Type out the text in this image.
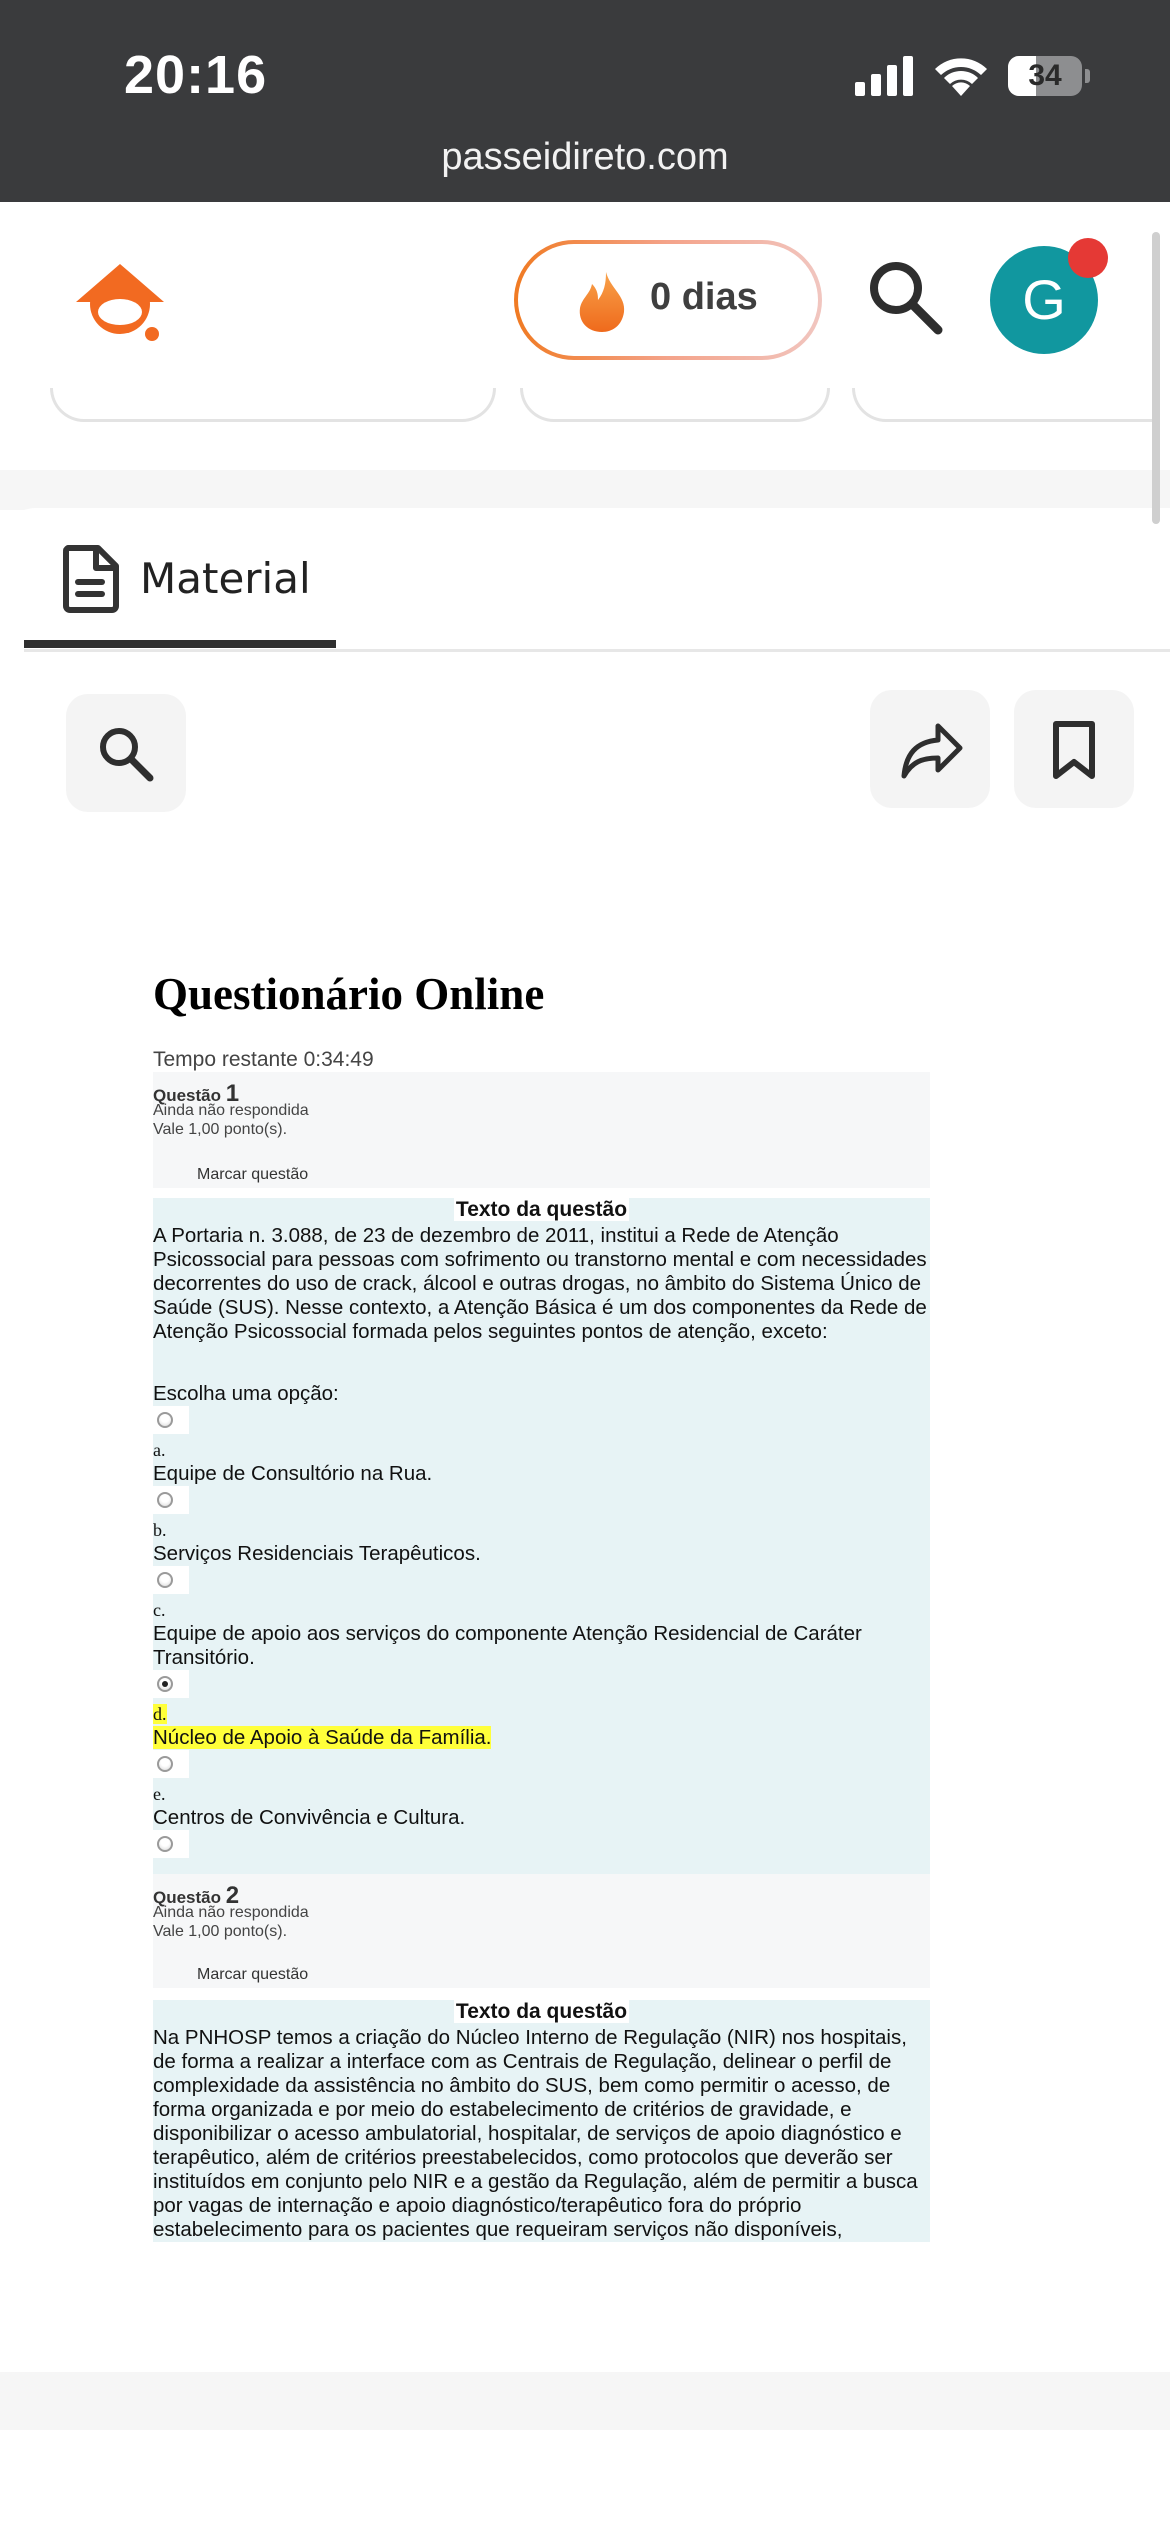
20:16	34
passeidireto.com
0 dias	G
Material
Questionário Online
Tempo restante 0:34:49
Questão 1
Ainda não respondida
Vale 1,00 ponto(s).
Marcar questão
Texto da questão
A Portaria n. 3.088, de 23 de dezembro de 2011, institui a Rede de Atenção Psicossocial para pessoas com sofrimento ou transtorno mental e com necessidades decorrentes do uso de crack, álcool e outras drogas, no âmbito do Sistema Único de Saúde (SUS). Nesse contexto, a Atenção Básica é um dos componentes da Rede de Atenção Psicossocial formada pelos seguintes pontos de atenção, exceto:
Escolha uma opção:
a.
Equipe de Consultório na Rua.
b.
Serviços Residenciais Terapêuticos.
c.
Equipe de apoio aos serviços do componente Atenção Residencial de Caráter Transitório.
d.
Núcleo de Apoio à Saúde da Família.
e.
Centros de Convivência e Cultura.
Questão 2
Ainda não respondida
Vale 1,00 ponto(s).
Marcar questão
Texto da questão
Na PNHOSP temos a criação do Núcleo Interno de Regulação (NIR) nos hospitais, de forma a realizar a interface com as Centrais de Regulação, delinear o perfil de complexidade da assistência no âmbito do SUS, bem como permitir o acesso, de forma organizada e por meio do estabelecimento de critérios de gravidade, e disponibilizar o acesso ambulatorial, hospitalar, de serviços de apoio diagnóstico e terapêutico, além de critérios preestabelecidos, como protocolos que deverão ser instituídos em conjunto pelo NIR e a gestão da Regulação, além de permitir a busca por vagas de internação e apoio diagnóstico/terapêutico fora do próprio estabelecimento para os pacientes que requeiram serviços não disponíveis,
